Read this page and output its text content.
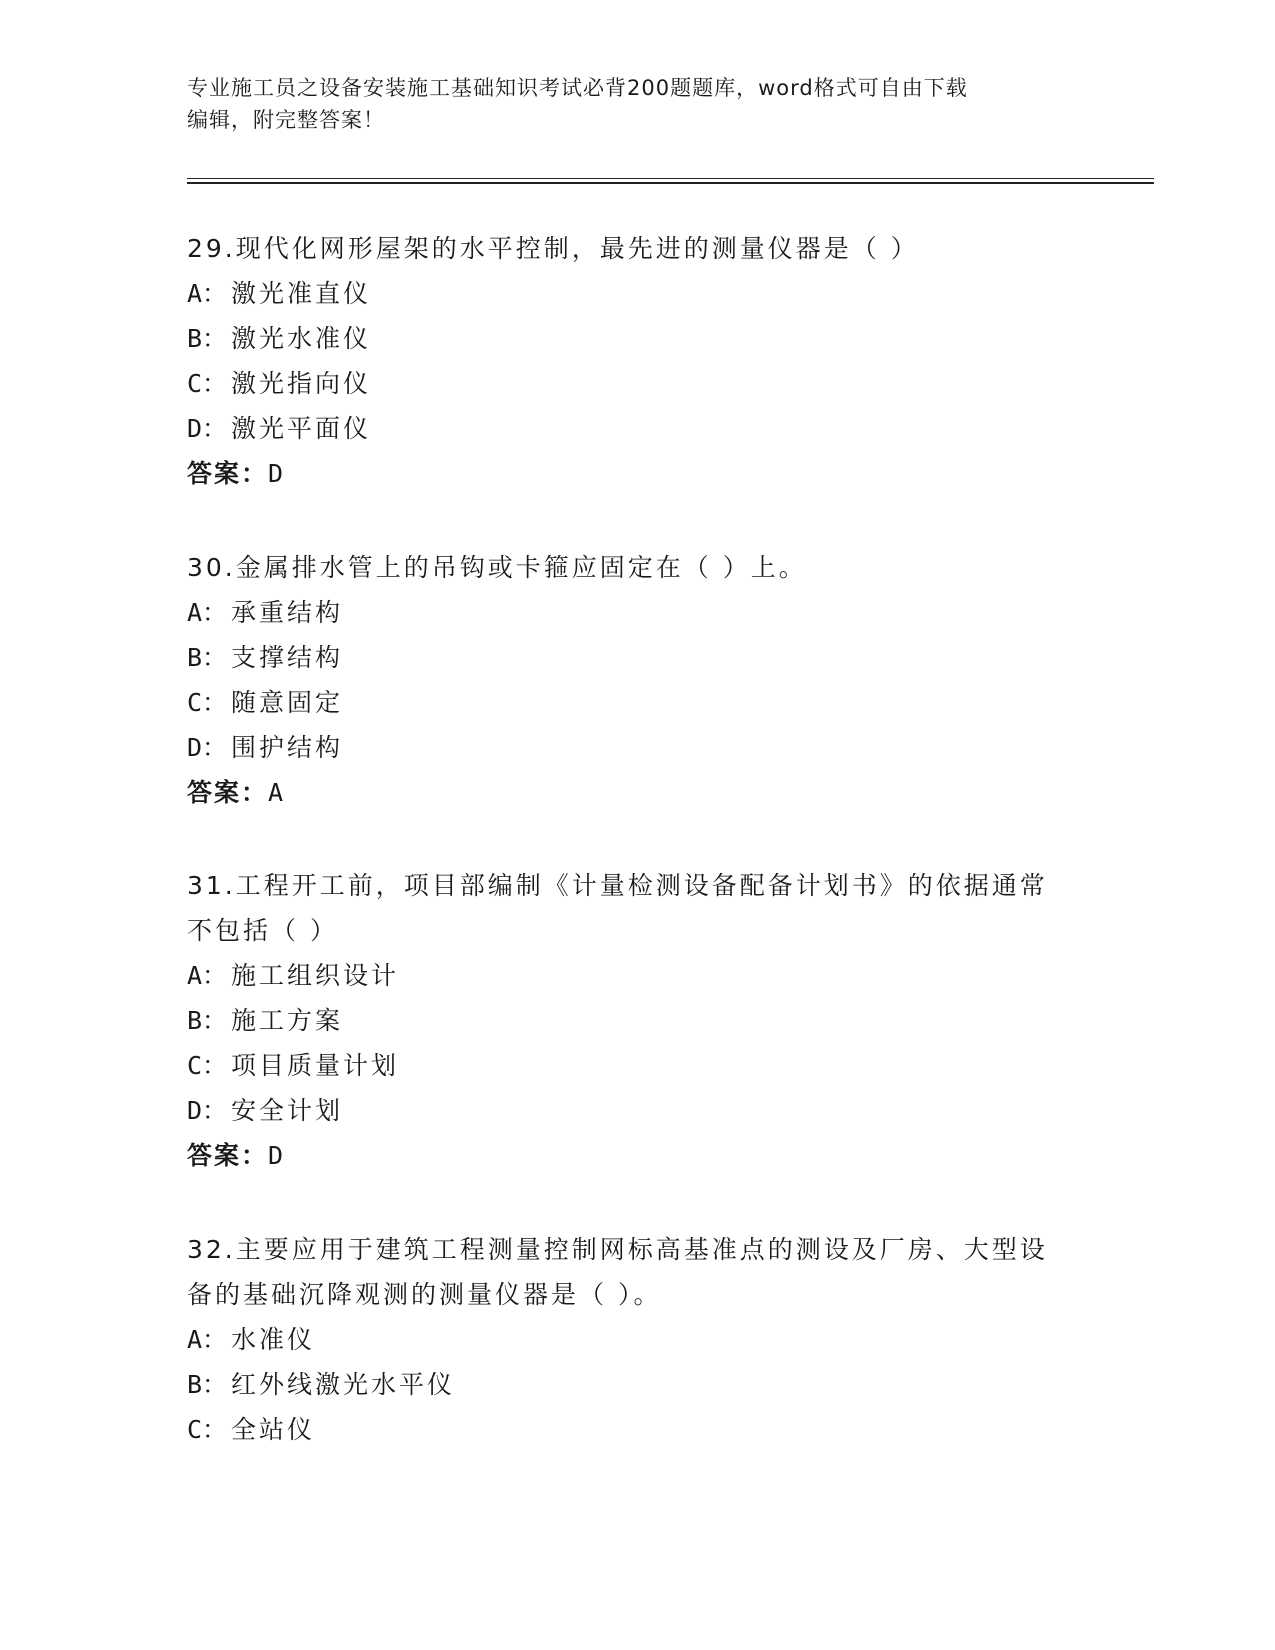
专业施工员之设备安装施工基础知识考试必背200题题库，word格式可自由下载
编辑，附完整答案！
29.现代化网形屋架的水平控制，最先进的测量仪器是（ ）
A： 激光准直仪
B： 激光水准仪
C： 激光指向仪
D： 激光平面仪
答案：D
30.金属排水管上的吊钩或卡箍应固定在（ ）上。
A： 承重结构
B： 支撑结构
C： 随意固定
D： 围护结构
答案：A
31.工程开工前，项目部编制《计量检测设备配备计划书》的依据通常
不包括（ ）
A： 施工组织设计
B： 施工方案
C： 项目质量计划
D： 安全计划
答案：D
32.主要应用于建筑工程测量控制网标高基准点的测设及厂房、大型设
备的基础沉降观测的测量仪器是（ ）。
A： 水准仪
B： 红外线激光水平仪
C： 全站仪
